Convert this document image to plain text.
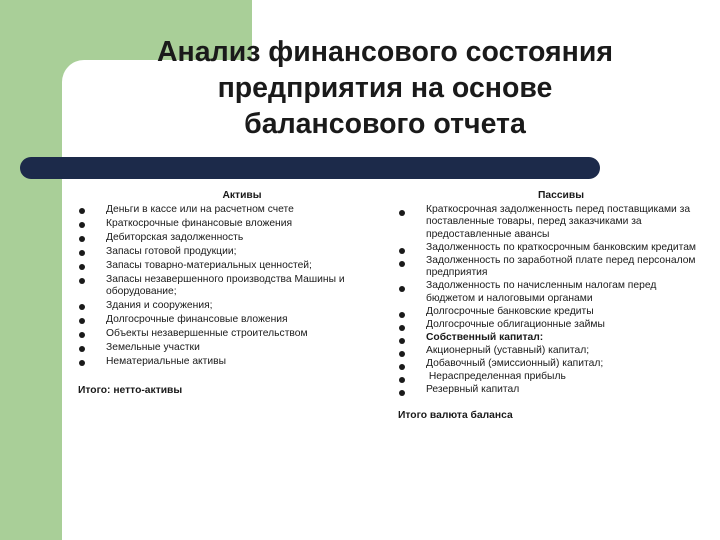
Анализ финансового состояния
предприятия на основе
балансового отчета

Активы

Деньги в кассе или на расчетном счете
Краткосрочные финансовые вложения
Дебиторская задолженность
Запасы готовой продукции;
Запасы товарно-материальных ценностей;
Запасы незавершенного производства Машины и оборудование;
Здания и сооружения;
Долгосрочные финансовые вложения
Объекты незавершенные строительством
Земельные участки
Нематериальные активы

Итого: нетто-активы

Пассивы

Краткосрочная задолженность перед поставщиками за поставленные товары, перед заказчиками за предоставленные авансы
Задолженность по краткосрочным банковским кредитам
Задолженность по заработной плате перед персоналом предприятия
Задолженность по начисленным налогам перед бюджетом и налоговыми органами
Долгосрочные банковские кредиты
Долгосрочные облигационные займы
Собственный капитал:
Акционерный (уставный) капитал;
Добавочный (эмиссионный) капитал;
Нераспределенная прибыль
Резервный капитал

Итого валюта баланса
